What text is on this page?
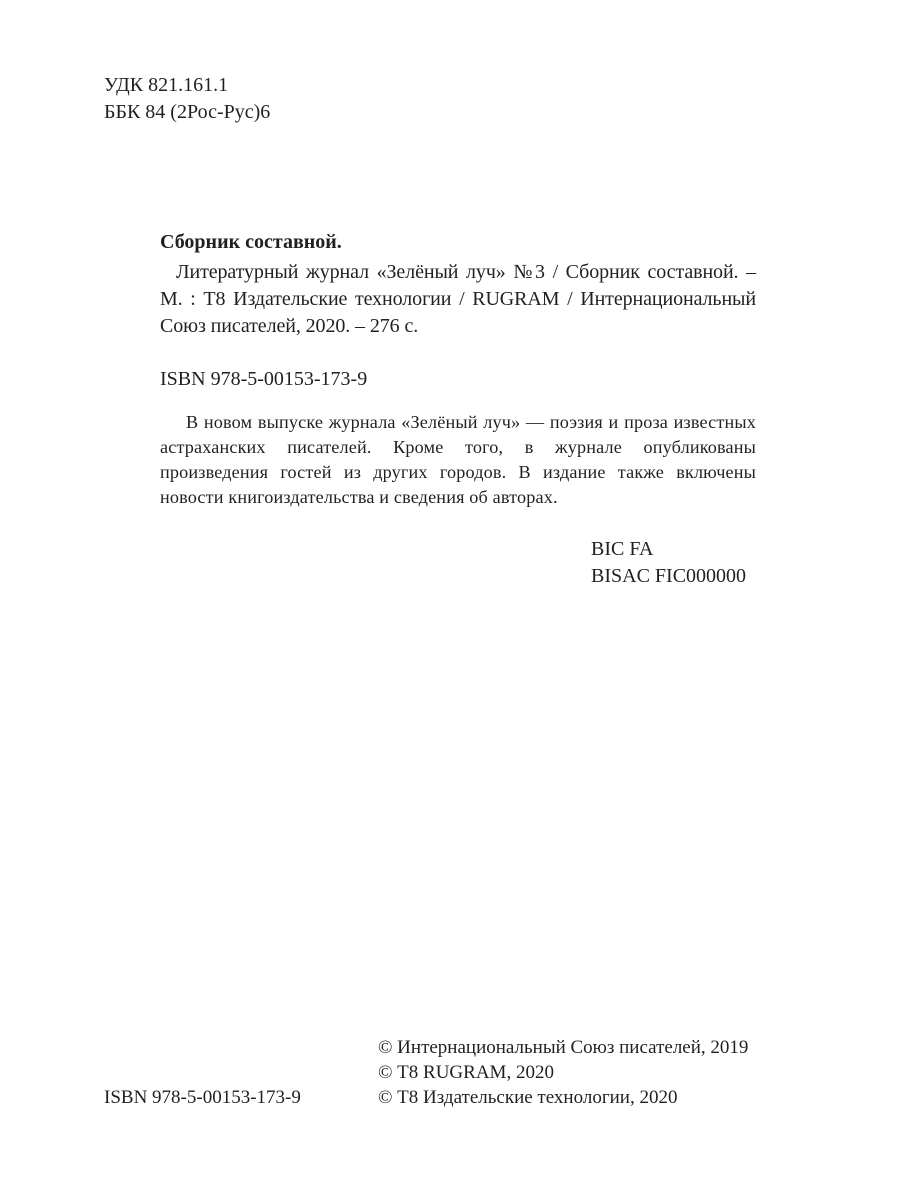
УДК 821.161.1
ББК 84 (2Рос-Рус)6
Сборник составной.
Литературный журнал «Зелёный луч» №3 / Сборник составной. – М. : Т8 Издательские технологии / RUGRAM / Интернациональный Союз писателей, 2020. – 276 с.
ISBN 978-5-00153-173-9
В новом выпуске журнала «Зелёный луч» — поэзия и проза известных астраханских писателей. Кроме того, в журнале опубликованы произведения гостей из других городов. В издание также включены новости книгоиздательства и сведения об авторах.
BIC FA
BISAC FIC000000
© Интернациональный Союз писателей, 2019
© Т8 RUGRAM, 2020
© Т8 Издательские технологии, 2020
ISBN 978-5-00153-173-9
